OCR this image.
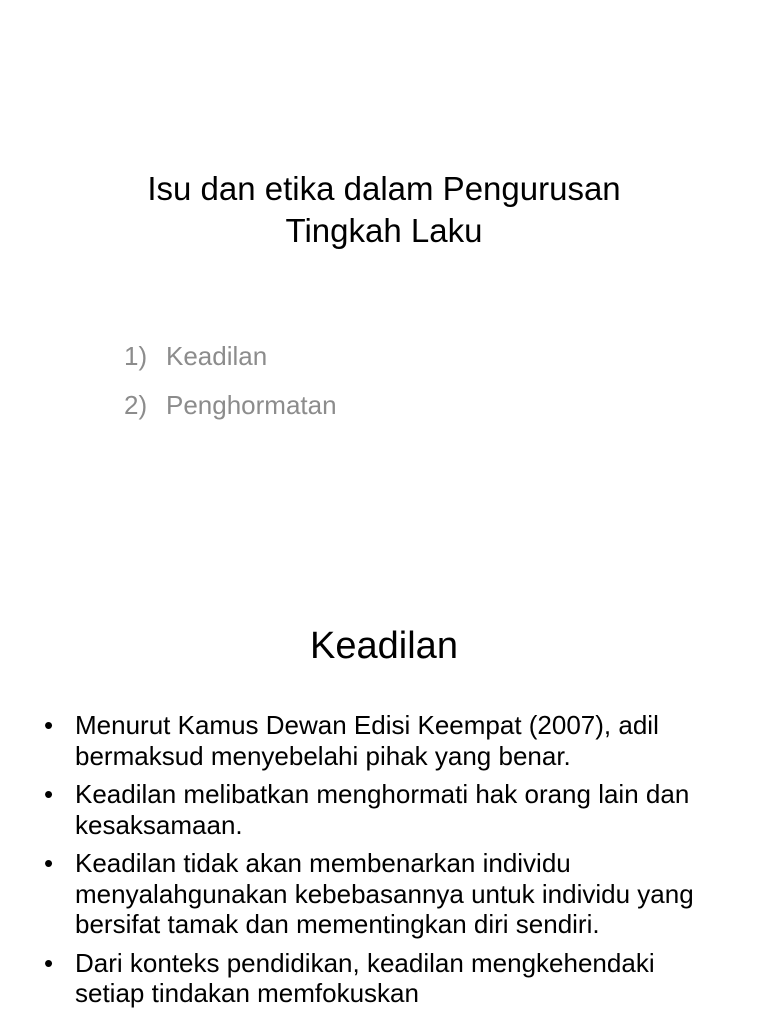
Isu dan etika dalam Pengurusan
Tingkah Laku
1) Keadilan
2) Penghormatan
Keadilan
• Menurut Kamus Dewan Edisi Keempat (2007), adil bermaksud menyebelahi pihak yang benar.
• Keadilan melibatkan menghormati hak orang lain dan kesaksamaan.
• Keadilan tidak akan membenarkan individu menyalahgunakan kebebasannya untuk individu yang bersifat tamak dan mementingkan diri sendiri.
• Dari konteks pendidikan, keadilan mengkehendaki setiap tindakan memfokuskan
